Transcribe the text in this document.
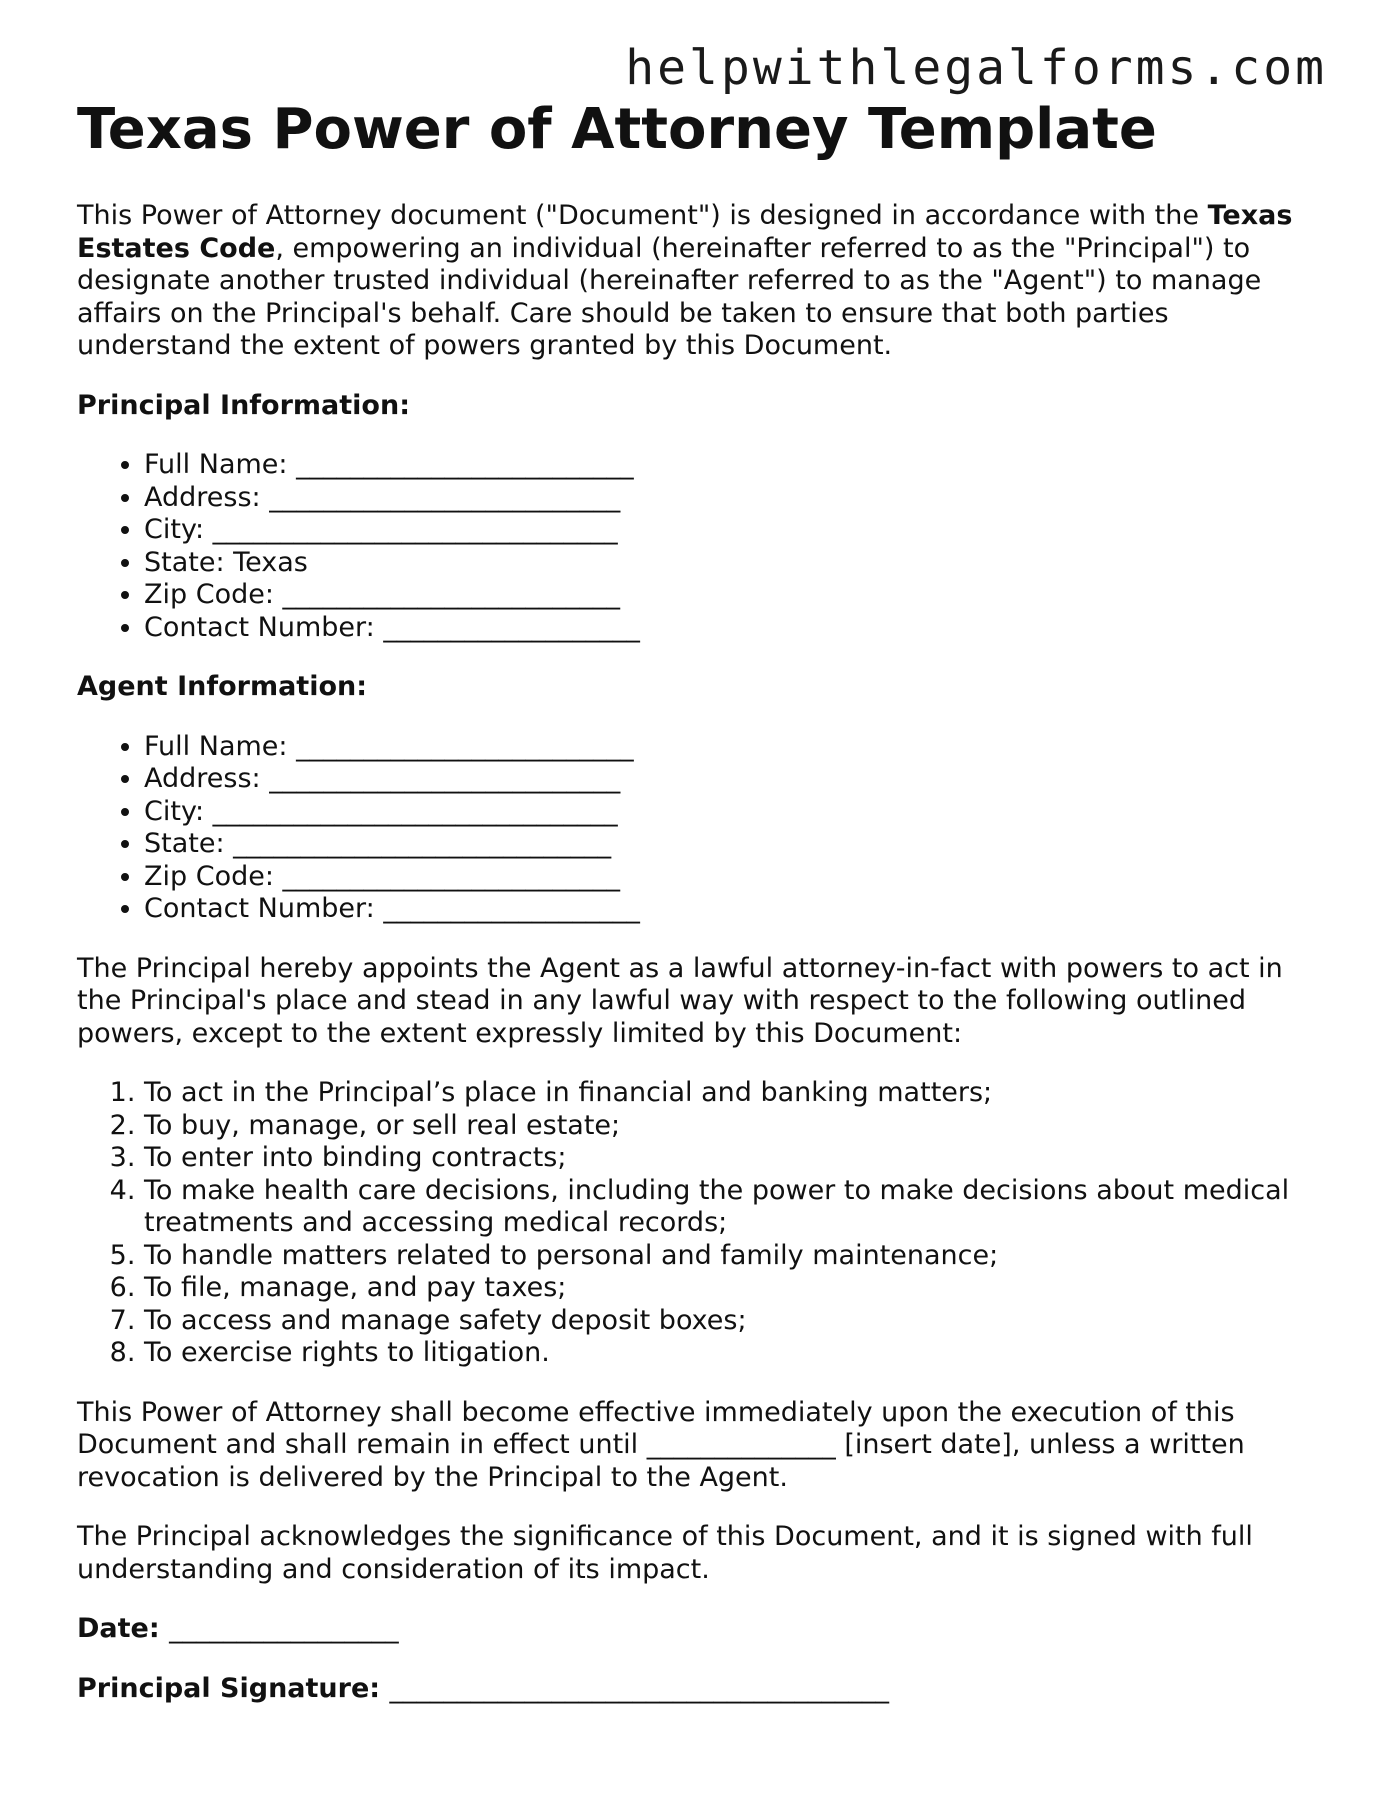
helpwithlegalforms.com
Texas Power of Attorney Template

This Power of Attorney document ("Document") is designed in accordance with the Texas Estates Code, empowering an individual (hereinafter referred to as the "Principal") to designate another trusted individual (hereinafter referred to as the "Agent") to manage affairs on the Principal's behalf. Care should be taken to ensure that both parties understand the extent of powers granted by this Document.

Principal Information:
• Full Name: _________________________
• Address: __________________________
• City: ______________________________
• State: Texas
• Zip Code: _________________________
• Contact Number: ___________________
Agent Information:
• Full Name: _________________________
• Address: __________________________
• City: ______________________________
• State: ____________________________
• Zip Code: _________________________
• Contact Number: ___________________

The Principal hereby appoints the Agent as a lawful attorney-in-fact with powers to act in the Principal's place and stead in any lawful way with respect to the following outlined powers, except to the extent expressly limited by this Document:

1. To act in the Principal’s place in financial and banking matters;
2. To buy, manage, or sell real estate;
3. To enter into binding contracts;
4. To make health care decisions, including the power to make decisions about medical treatments and accessing medical records;
5. To handle matters related to personal and family maintenance;
6. To file, manage, and pay taxes;
7. To access and manage safety deposit boxes;
8. To exercise rights to litigation.

This Power of Attorney shall become effective immediately upon the execution of this Document and shall remain in effect until ______________ [insert date], unless a written revocation is delivered by the Principal to the Agent.

The Principal acknowledges the significance of this Document, and it is signed with full understanding and consideration of its impact.

Date: _________________
Principal Signature: _____________________________________
